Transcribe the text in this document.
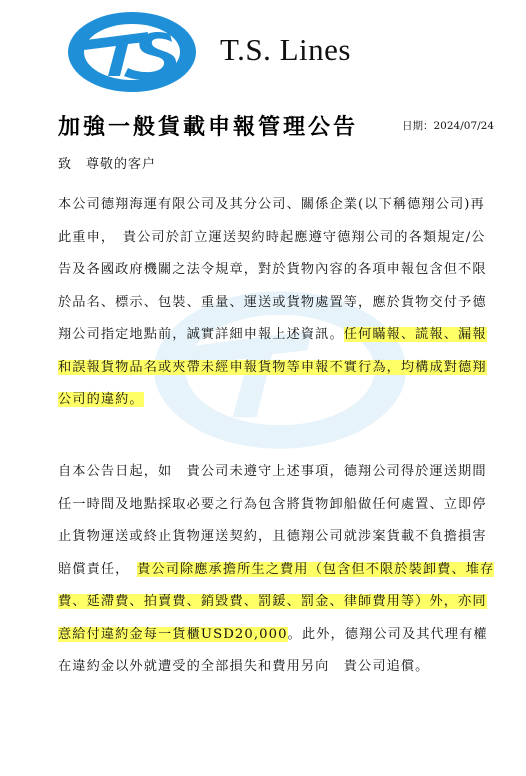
T.S. Lines
加強一般貨載申報管理公告	日期：2024/07/24
致　尊敬的客户
本公司德翔海運有限公司及其分公司、關係企業(以下稱德翔公司)再此重申，　貴公司於訂立運送契約時起應遵守德翔公司的各類規定/公告及各國政府機關之法令規章，對於貨物內容的各項申報包含但不限於品名、標示、包裝、重量、運送或貨物處置等，應於貨物交付予德翔公司指定地點前，誠實詳細申報上述資訊。任何瞞報、謊報、漏報和誤報貨物品名或夾帶未經申報貨物等申報不實行為，均構成對德翔公司的違約。
自本公告日起，如　貴公司未遵守上述事項，德翔公司得於運送期間任一時間及地點採取必要之行為包含將貨物卸船做任何處置、立即停止貨物運送或終止貨物運送契約，且德翔公司就涉案貨載不負擔損害賠償責任，　貴公司除應承擔所生之費用（包含但不限於裝卸費、堆存費、延滯費、拍賣費、銷毀費、罰鍰、罰金、律師費用等）外，亦同意給付違約金每一貨櫃USD20,000。此外，德翔公司及其代理有權在違約金以外就遭受的全部損失和費用另向　貴公司追償。
